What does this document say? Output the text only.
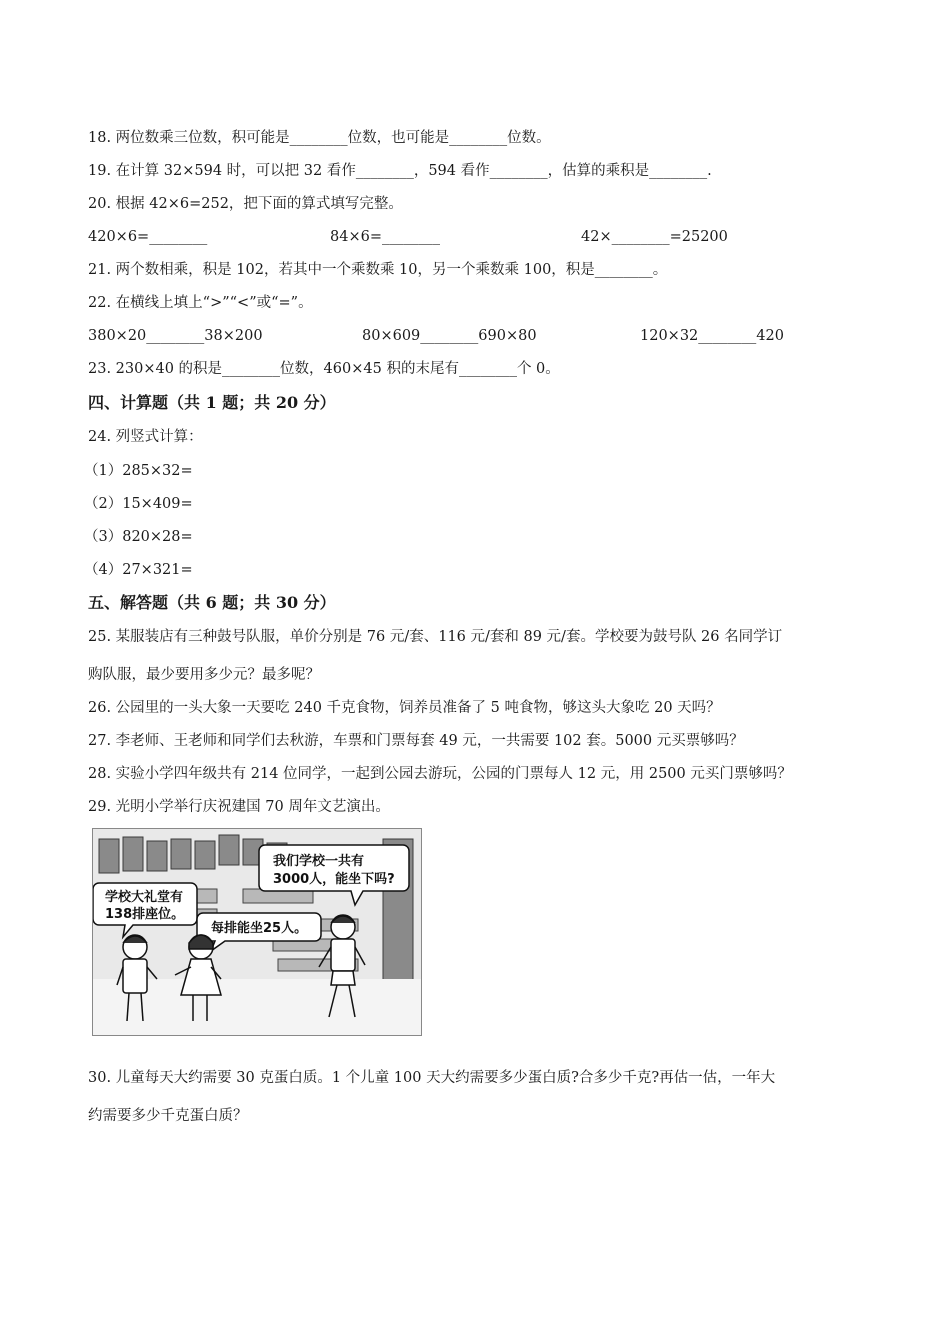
18. 两位数乘三位数，积可能是________位数，也可能是________位数。
19. 在计算 32×594 时，可以把 32 看作________，594 看作________，估算的乘积是________.
20. 根据 42×6=252，把下面的算式填写完整。
420×6=________	84×6=________	42×________=25200
21. 两个数相乘，积是 102，若其中一个乘数乘 10，另一个乘数乘 100，积是________。
22. 在横线上填上“>”“<”或“=”。
380×20________38×200	80×609________690×80	120×32________420
23. 230×40 的积是________位数，460×45 积的末尾有________个 0。
四、计算题（共 1 题；共 20 分）
24. 列竖式计算：
（1）285×32=
（2）15×409=
（3）820×28=
（4）27×321=
五、解答题（共 6 题；共 30 分）
25. 某服装店有三种鼓号队服，单价分别是 76 元/套、116 元/套和 89 元/套。学校要为鼓号队 26 名同学订
购队服，最少要用多少元？最多呢？
26. 公园里的一头大象一天要吃 240 千克食物，饲养员准备了 5 吨食物，够这头大象吃 20 天吗？
27. 李老师、王老师和同学们去秋游，车票和门票每套 49 元，一共需要 102 套。5000 元买票够吗？
28. 实验小学四年级共有 214 位同学，一起到公园去游玩，公园的门票每人 12 元，用 2500 元买门票够吗？
29. 光明小学举行庆祝建国 70 周年文艺演出。
学校大礼堂有
138排座位。
每排能坐25人。
我们学校一共有
3000人，能坐下吗?
30. 儿童每天大约需要 30 克蛋白质。1 个儿童 100 天大约需要多少蛋白质?合多少千克?再估一估，一年大
约需要多少千克蛋白质？
